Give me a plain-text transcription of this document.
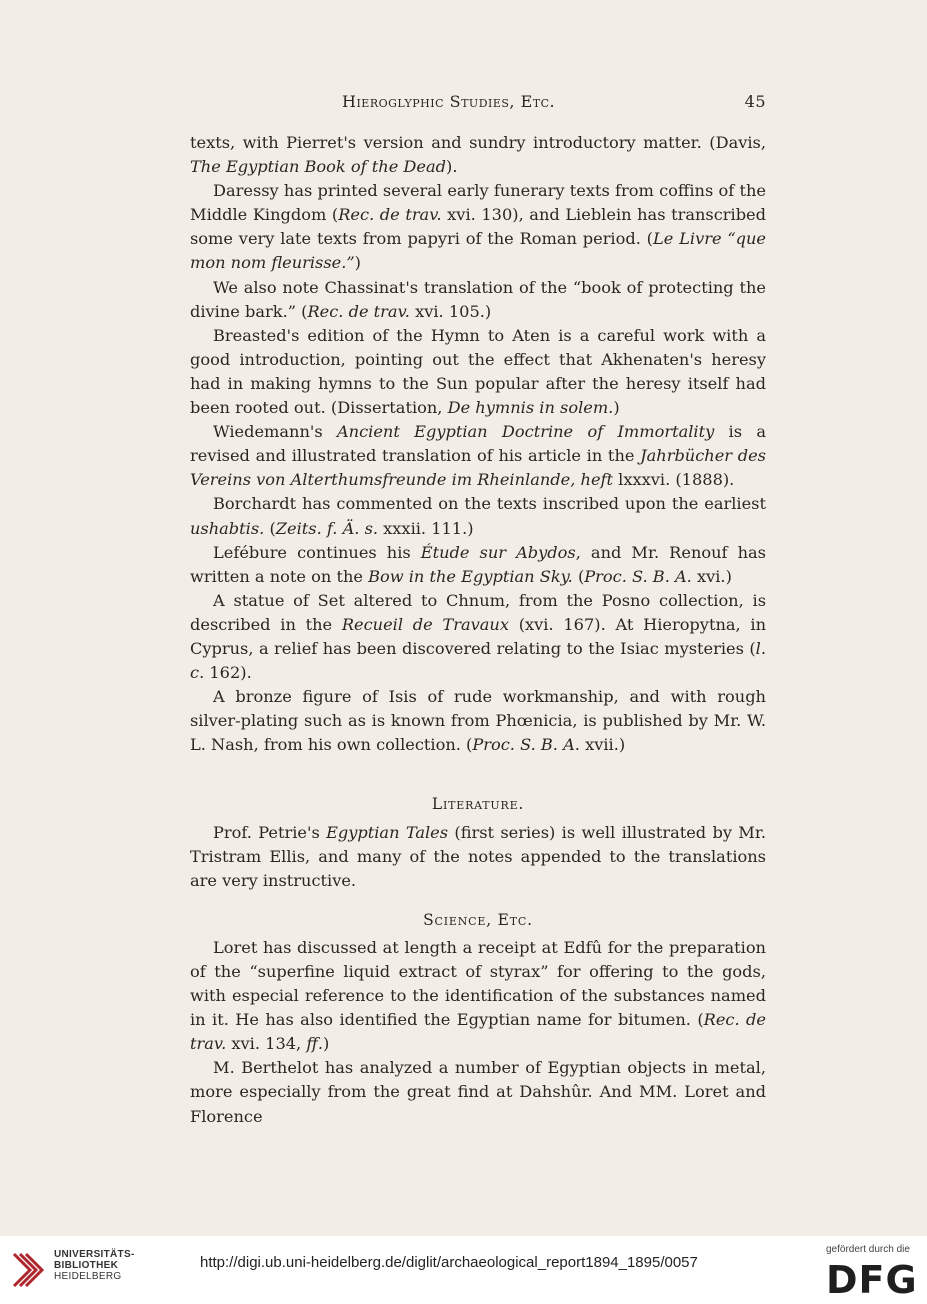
Hieroglyphic Studies, Etc.	45

texts, with Pierret's version and sundry introductory matter. (Davis, The Egyptian Book of the Dead).

Daressy has printed several early funerary texts from coffins of the Middle Kingdom (Rec. de trav. xvi. 130), and Lieblein has transcribed some very late texts from papyri of the Roman period. (Le Livre “que mon nom fleurisse.”)

We also note Chassinat's translation of the “book of protecting the divine bark.” (Rec. de trav. xvi. 105.)

Breasted's edition of the Hymn to Aten is a careful work with a good introduction, pointing out the effect that Akhenaten's heresy had in making hymns to the Sun popular after the heresy itself had been rooted out. (Dissertation, De hymnis in solem.)

Wiedemann's Ancient Egyptian Doctrine of Immortality is a revised and illustrated translation of his article in the Jahrbücher des Vereins von Alterthumsfreunde im Rheinlande, heft lxxxvi. (1888).

Borchardt has commented on the texts inscribed upon the earliest ushabtis. (Zeits. f. Ä. s. xxxii. 111.)

Lefébure continues his Étude sur Abydos, and Mr. Renouf has written a note on the Bow in the Egyptian Sky. (Proc. S. B. A. xvi.)

A statue of Set altered to Chnum, from the Posno collection, is described in the Recueil de Travaux (xvi. 167). At Hieropytna, in Cyprus, a relief has been discovered relating to the Isiac mysteries (l. c. 162).

A bronze figure of Isis of rude workmanship, and with rough silver-plating such as is known from Phœnicia, is published by Mr. W. L. Nash, from his own collection. (Proc. S. B. A. xvii.)

Literature.

Prof. Petrie's Egyptian Tales (first series) is well illustrated by Mr. Tristram Ellis, and many of the notes appended to the translations are very instructive.

Science, Etc.

Loret has discussed at length a receipt at Edfû for the preparation of the “superfine liquid extract of styrax” for offering to the gods, with especial reference to the identification of the substances named in it. He has also identified the Egyptian name for bitumen. (Rec. de trav. xvi. 134, ff.)

M. Berthelot has analyzed a number of Egyptian objects in metal, more especially from the great find at Dahshûr. And MM. Loret and Florence

UNIVERSITÄTS-
BIBLIOTHEK
HEIDELBERG
http://digi.ub.uni-heidelberg.de/diglit/archaeological_report1894_1895/0057
gefördert durch die
DFG
